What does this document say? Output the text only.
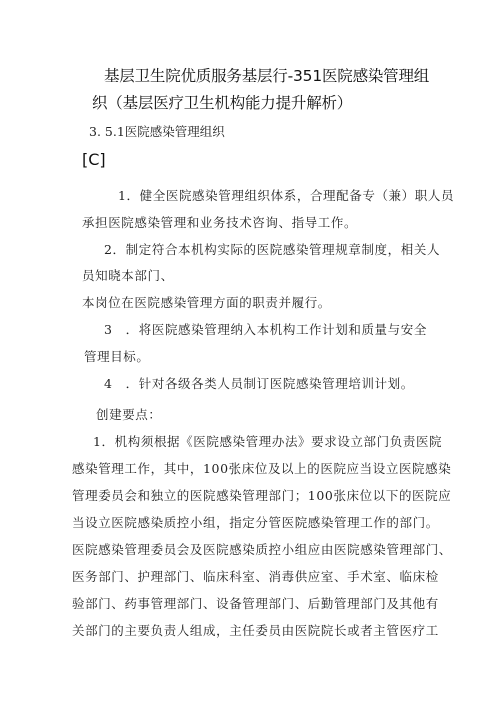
基层卫生院优质服务基层行-351医院感染管理组
织（基层医疗卫生机构能力提升解析）
3. 5.1医院感染管理组织
[C]
1．健全医院感染管理组织体系，合理配备专（兼）职人员
承担医院感染管理和业务技术咨询、指导工作。
2．制定符合本机构实际的医院感染管理规章制度，相关人
员知晓本部门、
本岗位在医院感染管理方面的职责并履行。
3　．将医院感染管理纳入本机构工作计划和质量与安全
管理目标。
4　．针对各级各类人员制订医院感染管理培训计划。
创建要点：
1．机构须根据《医院感染管理办法》要求设立部门负责医院
感染管理工作，其中，100张床位及以上的医院应当设立医院感染
管理委员会和独立的医院感染管理部门；100张床位以下的医院应
当设立医院感染质控小组，指定分管医院感染管理工作的部门。
医院感染管理委员会及医院感染质控小组应由医院感染管理部门、
医务部门、护理部门、临床科室、消毒供应室、手术室、临床检
验部门、药事管理部门、设备管理部门、后勤管理部门及其他有
关部门的主要负责人组成，主任委员由医院院长或者主管医疗工
